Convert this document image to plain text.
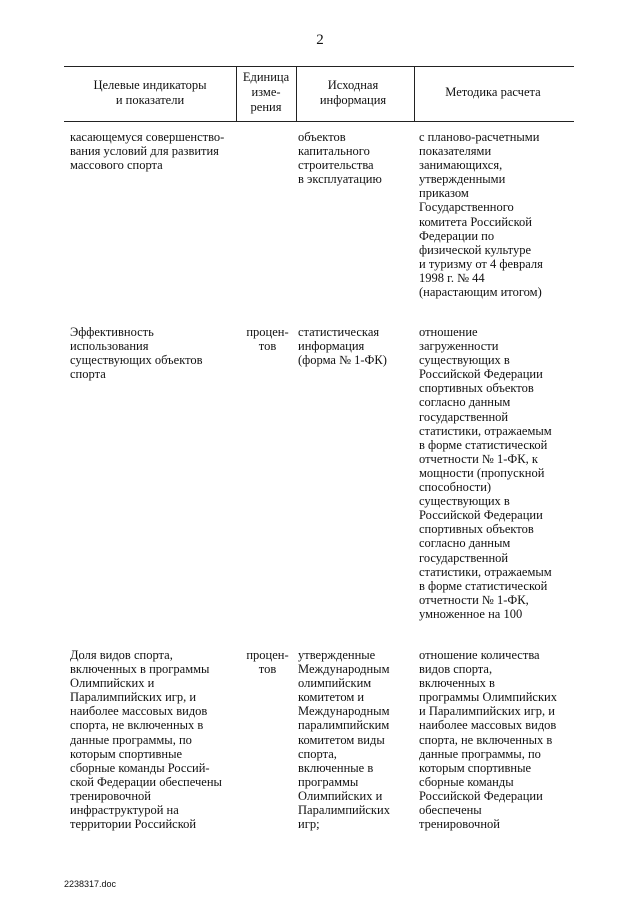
2
Целевые индикаторы
и показатели
Единица
изме-
рения
Исходная
информация
Методика расчета
касающемуся совершенство-
вания условий для развития
массового спорта
объектов
капитального
строительства
в эксплуатацию
с планово-расчетными
показателями
занимающихся,
утвержденными
приказом
Государственного
комитета Российской
Федерации по
физической культуре
и туризму от 4 февраля
1998 г. № 44
(нарастающим итогом)
Эффективность
использования
существующих объектов
спорта
процен-
тов
статистическая
информация
(форма № 1-ФК)
отношение
загруженности
существующих в
Российской Федерации
спортивных объектов
согласно данным
государственной
статистики, отражаемым
в форме статистической
отчетности № 1-ФК, к
мощности (пропускной
способности)
существующих в
Российской Федерации
спортивных объектов
согласно данным
государственной
статистики, отражаемым
в форме статистической
отчетности № 1-ФК,
умноженное на 100
Доля видов спорта,
включенных в программы
Олимпийских и
Паралимпийских игр, и
наиболее массовых видов
спорта, не включенных в
данные программы, по
которым спортивные
сборные команды Россий-
ской Федерации обеспечены
тренировочной
инфраструктурой на
территории Российской
процен-
тов
утвержденные
Международным
олимпийским
комитетом и
Международным
паралимпийским
комитетом виды
спорта,
включенные в
программы
Олимпийских и
Паралимпийских
игр;
отношение количества
видов спорта,
включенных в
программы Олимпийских
и Паралимпийских игр, и
наиболее массовых видов
спорта, не включенных в
данные программы, по
которым спортивные
сборные команды
Российской Федерации
обеспечены
тренировочной
2238317.doc
